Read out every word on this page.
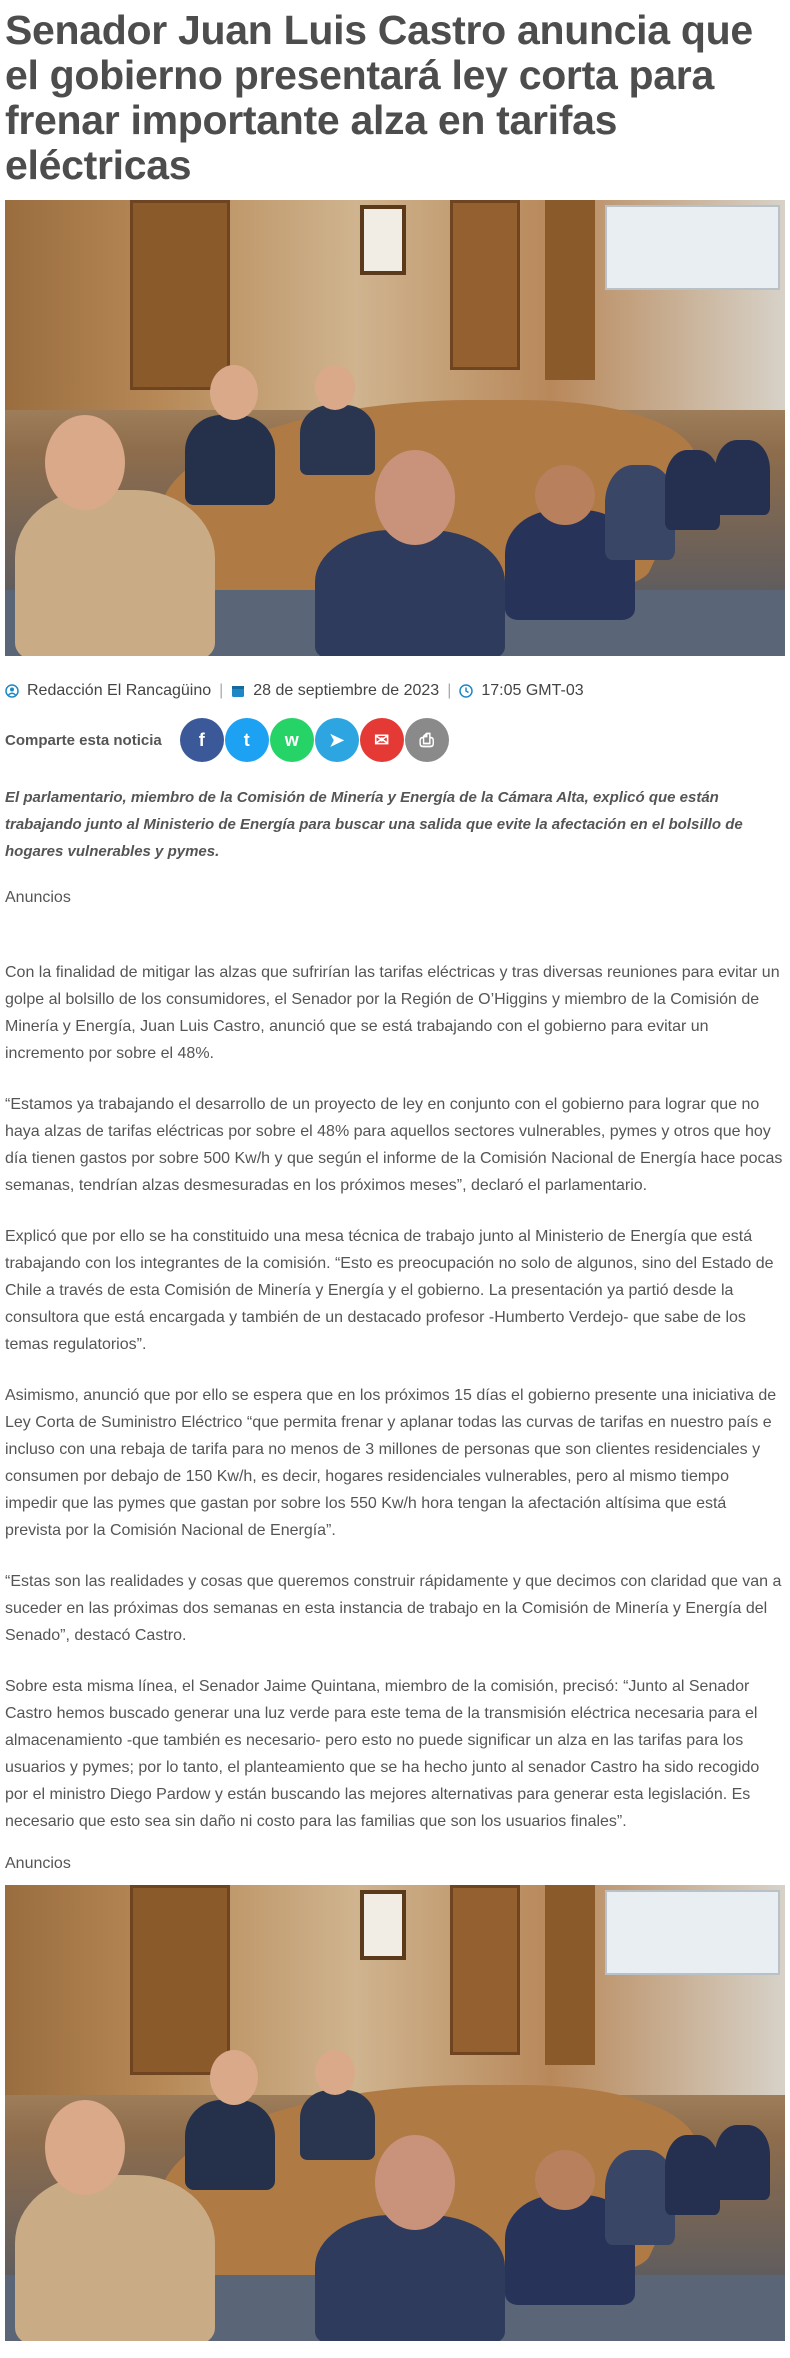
Senador Juan Luis Castro anuncia que el gobierno presentará ley corta para frenar importante alza en tarifas eléctricas
Redacción El Rancagüino | 28 de septiembre de 2023 | 17:05 GMT-03
Comparte esta noticia f t w ➤ ✉ ⎙

El parlamentario, miembro de la Comisión de Minería y Energía de la Cámara Alta, explicó que están trabajando junto al Ministerio de Energía para buscar una salida que evite la afectación en el bolsillo de hogares vulnerables y pymes.

Anuncios

Con la finalidad de mitigar las alzas que sufrirían las tarifas eléctricas y tras diversas reuniones para evitar un golpe al bolsillo de los consumidores, el Senador por la Región de O’Higgins y miembro de la Comisión de Minería y Energía, Juan Luis Castro, anunció que se está trabajando con el gobierno para evitar un incremento por sobre el 48%.

“Estamos ya trabajando el desarrollo de un proyecto de ley en conjunto con el gobierno para lograr que no haya alzas de tarifas eléctricas por sobre el 48% para aquellos sectores vulnerables, pymes y otros que hoy día tienen gastos por sobre 500 Kw/h y que según el informe de la Comisión Nacional de Energía hace pocas semanas, tendrían alzas desmesuradas en los próximos meses”, declaró el parlamentario.

Explicó que por ello se ha constituido una mesa técnica de trabajo junto al Ministerio de Energía que está trabajando con los integrantes de la comisión. “Esto es preocupación no solo de algunos, sino del Estado de Chile a través de esta Comisión de Minería y Energía y el gobierno. La presentación ya partió desde la consultora que está encargada y también de un destacado profesor -Humberto Verdejo- que sabe de los temas regulatorios”.

Asimismo, anunció que por ello se espera que en los próximos 15 días el gobierno presente una iniciativa de Ley Corta de Suministro Eléctrico “que permita frenar y aplanar todas las curvas de tarifas en nuestro país e incluso con una rebaja de tarifa para no menos de 3 millones de personas que son clientes residenciales y consumen por debajo de 150 Kw/h, es decir, hogares residenciales vulnerables, pero al mismo tiempo impedir que las pymes que gastan por sobre los 550 Kw/h hora tengan la afectación altísima que está prevista por la Comisión Nacional de Energía”.

“Estas son las realidades y cosas que queremos construir rápidamente y que decimos con claridad que van a suceder en las próximas dos semanas en esta instancia de trabajo en la Comisión de Minería y Energía del Senado”, destacó Castro.

Sobre esta misma línea, el Senador Jaime Quintana, miembro de la comisión, precisó: “Junto al Senador Castro hemos buscado generar una luz verde para este tema de la transmisión eléctrica necesaria para el almacenamiento -que también es necesario- pero esto no puede significar un alza en las tarifas para los usuarios y pymes; por lo tanto, el planteamiento que se ha hecho junto al senador Castro ha sido recogido por el ministro Diego Pardow y están buscando las mejores alternativas para generar esta legislación. Es necesario que esto sea sin daño ni costo para las familias que son los usuarios finales”.

Anuncios
